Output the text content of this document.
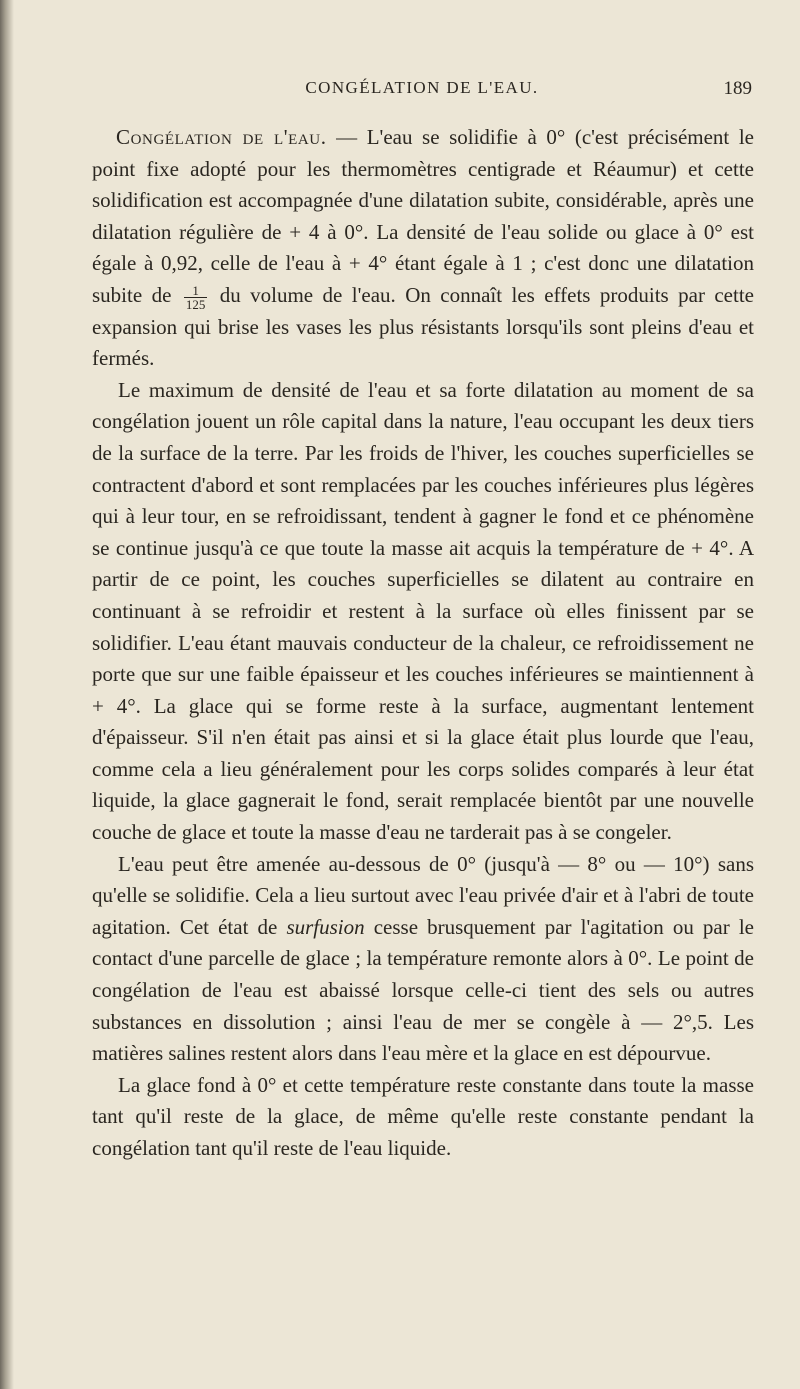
CONGÉLATION DE L'EAU.	189

Congélation de l'eau. — L'eau se solidifie à 0° (c'est précisément le point fixe adopté pour les thermomètres centigrade et Réaumur) et cette solidification est accompagnée d'une dilatation subite, considérable, après une dilatation régulière de + 4 à 0°. La densité de l'eau solide ou glace à 0° est égale à 0,92, celle de l'eau à + 4° étant égale à 1 ; c'est donc une dilatation subite de $\frac{1}{125}$ du volume de l'eau. On connaît les effets produits par cette expansion qui brise les vases les plus résistants lorsqu'ils sont pleins d'eau et fermés.

Le maximum de densité de l'eau et sa forte dilatation au moment de sa congélation jouent un rôle capital dans la nature, l'eau occupant les deux tiers de la surface de la terre. Par les froids de l'hiver, les couches superficielles se contractent d'abord et sont remplacées par les couches inférieures plus légères qui à leur tour, en se refroidissant, tendent à gagner le fond et ce phénomène se continue jusqu'à ce que toute la masse ait acquis la température de + 4°. A partir de ce point, les couches superficielles se dilatent au contraire en continuant à se refroidir et restent à la surface où elles finissent par se solidifier. L'eau étant mauvais conducteur de la chaleur, ce refroidissement ne porte que sur une faible épaisseur et les couches inférieures se maintiennent à + 4°. La glace qui se forme reste à la surface, augmentant lentement d'épaisseur. S'il n'en était pas ainsi et si la glace était plus lourde que l'eau, comme cela a lieu généralement pour les corps solides comparés à leur état liquide, la glace gagnerait le fond, serait remplacée bientôt par une nouvelle couche de glace et toute la masse d'eau ne tarderait pas à se congeler.

L'eau peut être amenée au-dessous de 0° (jusqu'à — 8° ou — 10°) sans qu'elle se solidifie. Cela a lieu surtout avec l'eau privée d'air et à l'abri de toute agitation. Cet état de surfusion cesse brusquement par l'agitation ou par le contact d'une parcelle de glace ; la température remonte alors à 0°. Le point de congélation de l'eau est abaissé lorsque celle-ci tient des sels ou autres substances en dissolution ; ainsi l'eau de mer se congèle à — 2°,5. Les matières salines restent alors dans l'eau mère et la glace en est dépourvue.

La glace fond à 0° et cette température reste constante dans toute la masse tant qu'il reste de la glace, de même qu'elle reste constante pendant la congélation tant qu'il reste de l'eau liquide.
